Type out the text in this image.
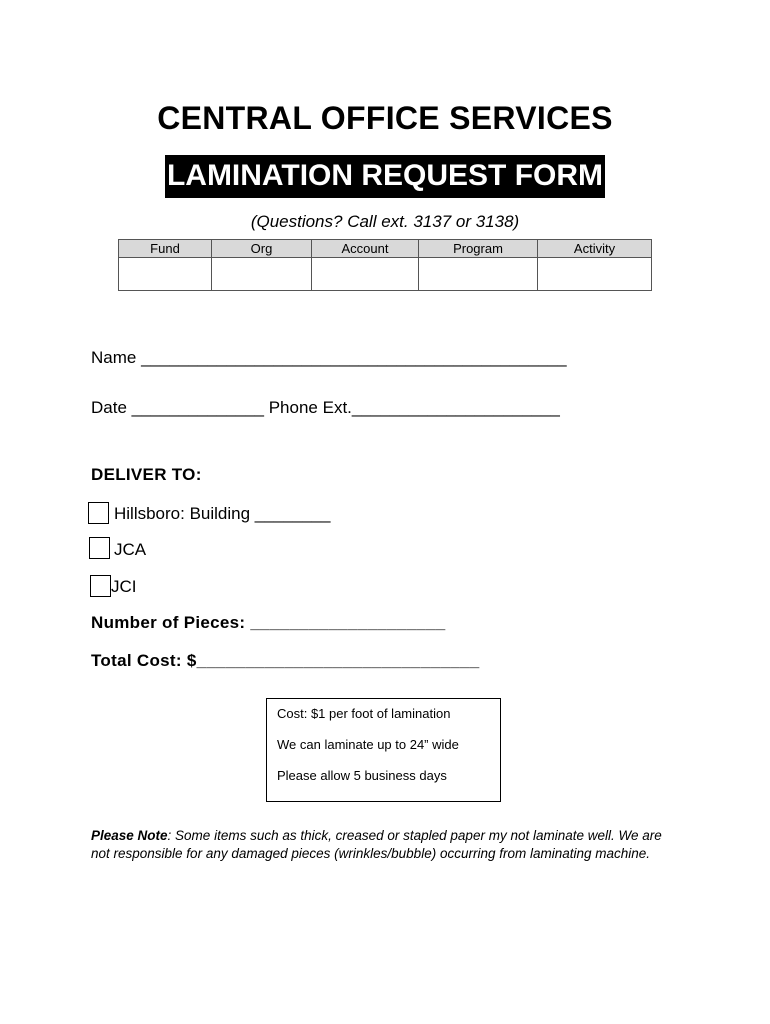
CENTRAL OFFICE SERVICES
LAMINATION REQUEST FORM
(Questions? Call ext. 3137 or 3138)
Fund	Org	Account	Program	Activity

Name _____________________________________________
Date ______________ Phone Ext.______________________
DELIVER TO:
Hillsboro: Building ________
JCA
JCI
Number of Pieces: ____________________
Total Cost: $_____________________________

Cost: $1 per foot of lamination

We can laminate up to 24” wide

Please allow 5 business days

Please Note: Some items such as thick, creased or stapled paper my not laminate well. We are not responsible for any damaged pieces (wrinkles/bubble) occurring from laminating machine.
